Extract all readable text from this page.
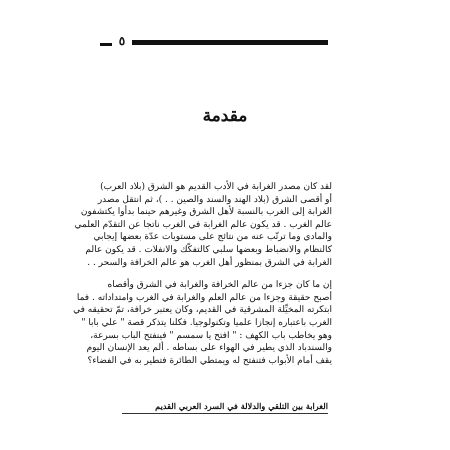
٥
مقدمة

لقد كان مصدر الغرابة في الأدب القديم هو الشرق (بلاد العرب)
أو أقصى الشرق (بلاد الهند والسند والصين . . )، ثم انتقل مصدر
الغرابة إلى الغرب بالنسبة لأهل الشرق وغيرهم حينما بدأوا يكتشفون
عالم الغرب . قد يكون عالم الغرابة في الغرب ناتجا عن التقدّم العلمي
والمادي وما ترتّب عنه من نتائج على مستويات عدّة بعضها إيجابي
كالنظام والانضباط وبعضها سلبي كالتفكّك والانفلات . قد يكون عالم
الغرابة في الشرق بمنظور أهل الغرب هو عالم الخرافة والسحر . .

إن ما كان جزءا من عالم الخرافة والغرابة في الشرق وأقصاه
أصبح حقيقة وجزءا من عالم العلم والغرابة في الغرب وامتداداته . فما
ابتكرته المخيِّلة المشرقية في القديم، وكان يعتبر خرافة، تمّ تحقيقه في
الغرب باعتباره إنجازا علميا وتكنولوجيا. فكلنا يتذكر قصة " علي بابا "
وهو يخاطب باب الكهف : " افتح يا سمسم " فينفتح الباب بسرعة،
والسندباد الذي يطير في الهواء على بساطه . ألم يعد الإنسان اليوم
يقف أمام الأبواب فتنفتح له ويمتطي الطائرة فتطير به في الفضاء؟

الغرابة بين التلقي والدلالة في السرد العربي القديم
